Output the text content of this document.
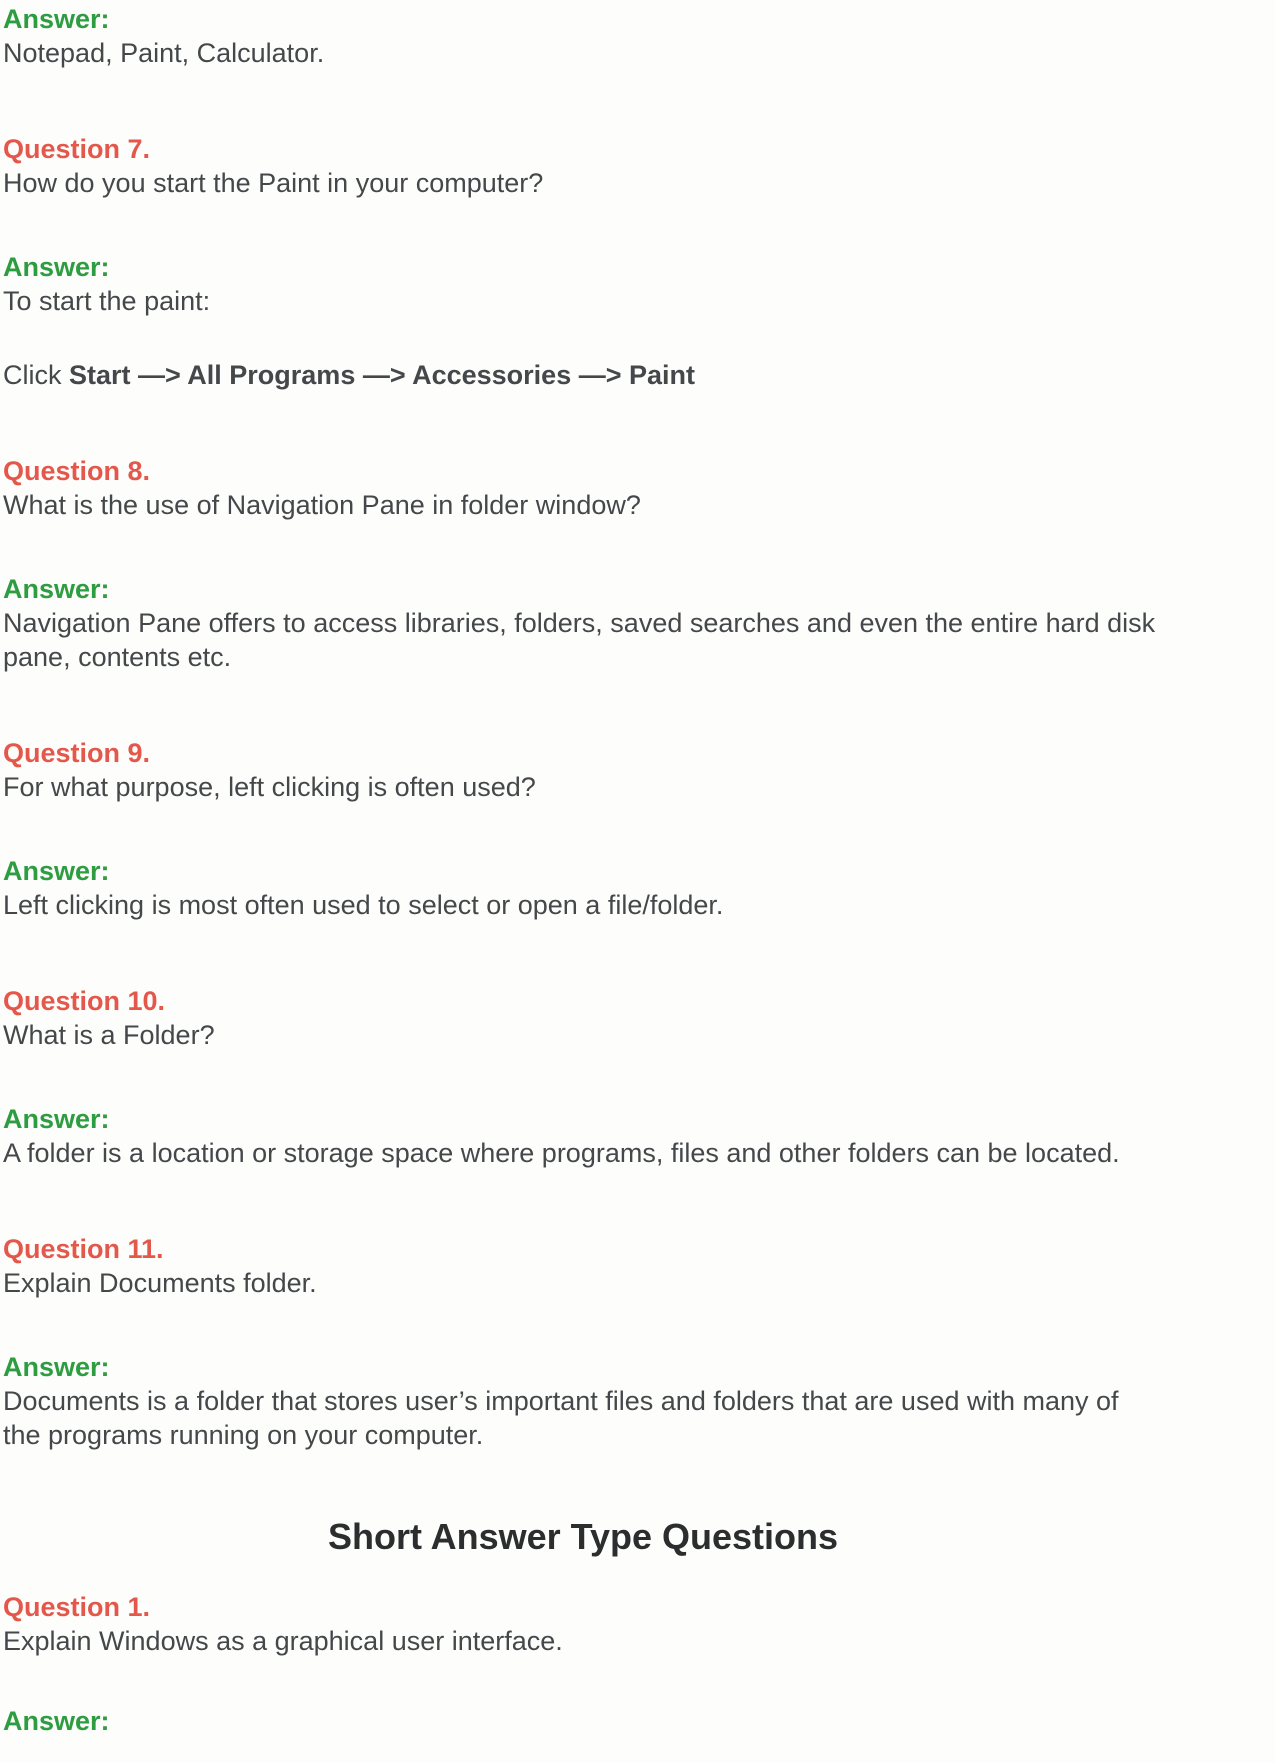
Answer:
Notepad, Paint, Calculator.
Question 7.
How do you start the Paint in your computer?
Answer:
To start the paint:

Click Start —> All Programs —> Accessories —> Paint

Question 8.
What is the use of Navigation Pane in folder window?
Answer:
Navigation Pane offers to access libraries, folders, saved searches and even the entire hard disk pane, contents etc.
Question 9.
For what purpose, left clicking is often used?
Answer:
Left clicking is most often used to select or open a file/folder.
Question 10.
What is a Folder?
Answer:
A folder is a location or storage space where programs, files and other folders can be located.
Question 11.
Explain Documents folder.
Answer:
Documents is a folder that stores user’s important files and folders that are used with many of the programs running on your computer.
Short Answer Type Questions
Question 1.
Explain Windows as a graphical user interface.
Answer:
